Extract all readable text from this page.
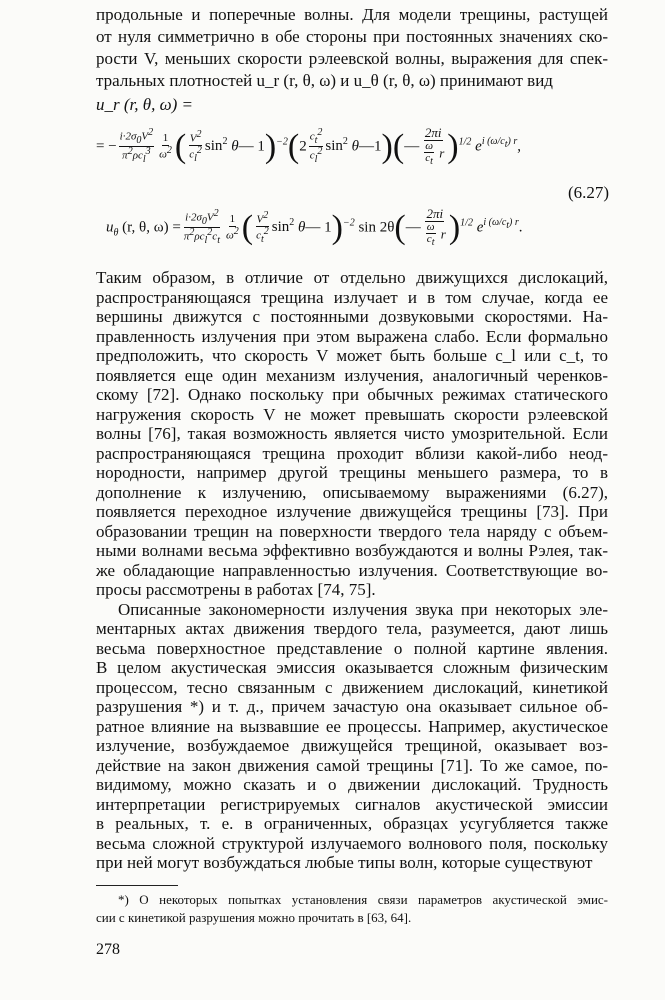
продольные и поперечные волны. Для модели трещины, растущей
от нуля симметрично в обе стороны при постоянных значениях ско-
рости V, меньших скорости рэлеевской волны, выражения для спек-
тральных плотностей u_r (r, θ, ω) и u_θ (r, θ, ω) принимают вид
u_r (r, θ, ω) =
= − $\frac{i\cdot 2\sigma_0V^2}{\pi^2\rho c_l^3} \frac{1}{\omega^2}$ ( $\frac{V^2}{c_l^2} \sin^2$ θ— $1)^{-2}(2 \frac{c_t^2}{c_l^2} \sin^2$ θ—1)(— $\frac{2\pi i}{\frac{\omega}{c_t} r} )^{1/2}$ $e^{i (\omega/c_t) r}$,
(6.27)
$u_\theta$ (r, θ, $\omega) = \frac{i\cdot 2\sigma_0V^2}{\pi^2\rho c_l^2c_t} \frac{1}{\omega^2}$ ( $\frac{V^2}{c_t^2} \sin^2$ θ— 1)$^{-2}$ sin 2θ(— $\frac{2\pi i}{\frac{\omega}{c_t} r} )^{1/2}$ $e^{i (\omega/c_t) r}$.
Таким образом, в отличие от отдельно движущихся дислокаций,
распространяющаяся трещина излучает и в том случае, когда ее
вершины движутся с постоянными дозвуковыми скоростями. На-
правленность излучения при этом выражена слабо. Если формально
предположить, что скорость V может быть больше c_l или c_t, то
появляется еще один механизм излучения, аналогичный черенков-
скому [72]. Однако поскольку при обычных режимах статического
нагружения скорость V не может превышать скорости рэлеевской
волны [76], такая возможность является чисто умозрительной. Если
распространяющаяся трещина проходит вблизи какой-либо неод-
нородности, например другой трещины меньшего размера, то в
дополнение к излучению, описываемому выражениями (6.27),
появляется переходное излучение движущейся трещины [73]. При
образовании трещин на поверхности твердого тела наряду с объем-
ными волнами весьма эффективно возбуждаются и волны Рэлея, так-
же обладающие направленностью излучения. Соответствующие во-
просы рассмотрены в работах [74, 75].
Описанные закономерности излучения звука при некоторых эле-
ментарных актах движения твердого тела, разумеется, дают лишь
весьма поверхностное представление о полной картине явления.
В целом акустическая эмиссия оказывается сложным физическим
процессом, тесно связанным с движением дислокаций, кинетикой
разрушения *) и т. д., причем зачастую она оказывает сильное об-
ратное влияние на вызвавшие ее процессы. Например, акустическое
излучение, возбуждаемое движущейся трещиной, оказывает воз-
действие на закон движения самой трещины [71]. То же самое, по-
видимому, можно сказать и о движении дислокаций. Трудность
интерпретации регистрируемых сигналов акустической эмиссии
в реальных, т. е. в ограниченных, образцах усугубляется также
весьма сложной структурой излучаемого волнового поля, поскольку
при ней могут возбуждаться любые типы волн, которые существуют
*) О некоторых попытках установления связи параметров акустической эмис-
сии с кинетикой разрушения можно прочитать в [63, 64].
278
